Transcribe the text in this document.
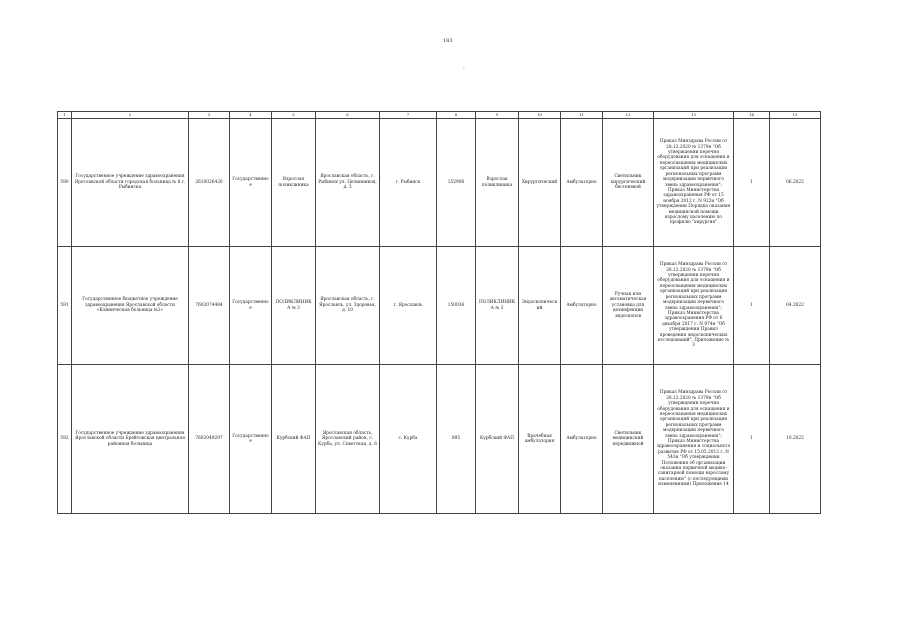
183
-
1	2	3	4	5	6	7	8	9	10	11	12	13	14	15
590	Государственное учреждение здравоохранения Ярославской области городская больница № 6 г. Рыбинска	2610026420	Государственное	Взрослая поликлиника	Ярославская область, г. Рыбинск ул. Целинников, д. 3	г. Рыбинск	152906	Взрослая поликлиника	Хирургический	Амбулаторно	Светильник хирургический бестеневой	Приказ Минздрава России от 28.12.2020 № 1379н "Об утверждении перечня оборудования для оснащения и переоснащения медицинских организаций при реализации региональных программ модернизации первичного звена здравоохранения"; Приказ Министерства здравоохранения РФ от 15 ноября 2012 г. N 922н "Об утверждении Порядка оказания медицинской помощи взрослому населению по профилю "хирургия"	1	06.2022
591	Государственное бюджетное учреждение здравоохранения Ярославской области «Клиническая больница №2»	7602074484	Государственное	ПОЛИКЛИНИКА № 3	Ярославская область, г. Ярославль, ул. Здоровья, д. 10	г. Ярославль	150036	ПОЛИКЛИНИКА № 3	Эндоскопический	Амбулаторно	Ручная или автоматическая установка для дезинфекции эндоскопов	Приказ Минздрава России от 28.12.2020 № 1379н "Об утверждении перечня оборудования для оснащения и переоснащения медицинских организаций при реализации региональных программ модернизации первичного звена здравоохранения"; Приказ Министерства здравоохранения РФ от 6 декабря 2017 г. N 974н "Об утверждении Правил проведения эндоскопических исследований", Приложение № 3	1	04.2022
592	Государственное учреждение здравоохранения Ярославской области Брейтовская центральная районная больница	7602049297	Государственное	Курбский ФАП	Ярославская область, Ярославский район, с. Курба, ул. Советская, д. 6	с. Курба	895	Курбский ФАП	Врачебная амбулатория	Амбулаторно	Светильник медицинский передвижной	Приказ Минздрава России от 28.12.2020 № 1379н "Об утверждении перечня оборудования для оснащения и переоснащения медицинских организаций при реализации региональных программ модернизации первичного звена здравоохранения"; Приказ Министерства здравоохранения и социального развития РФ от 15.05.2012 г. N 543н "Об утверждении Положения об организации оказания первичной медико-санитарной помощи взрослому населению" (с последующими изменениями) Приложение 14	1	10.2022
